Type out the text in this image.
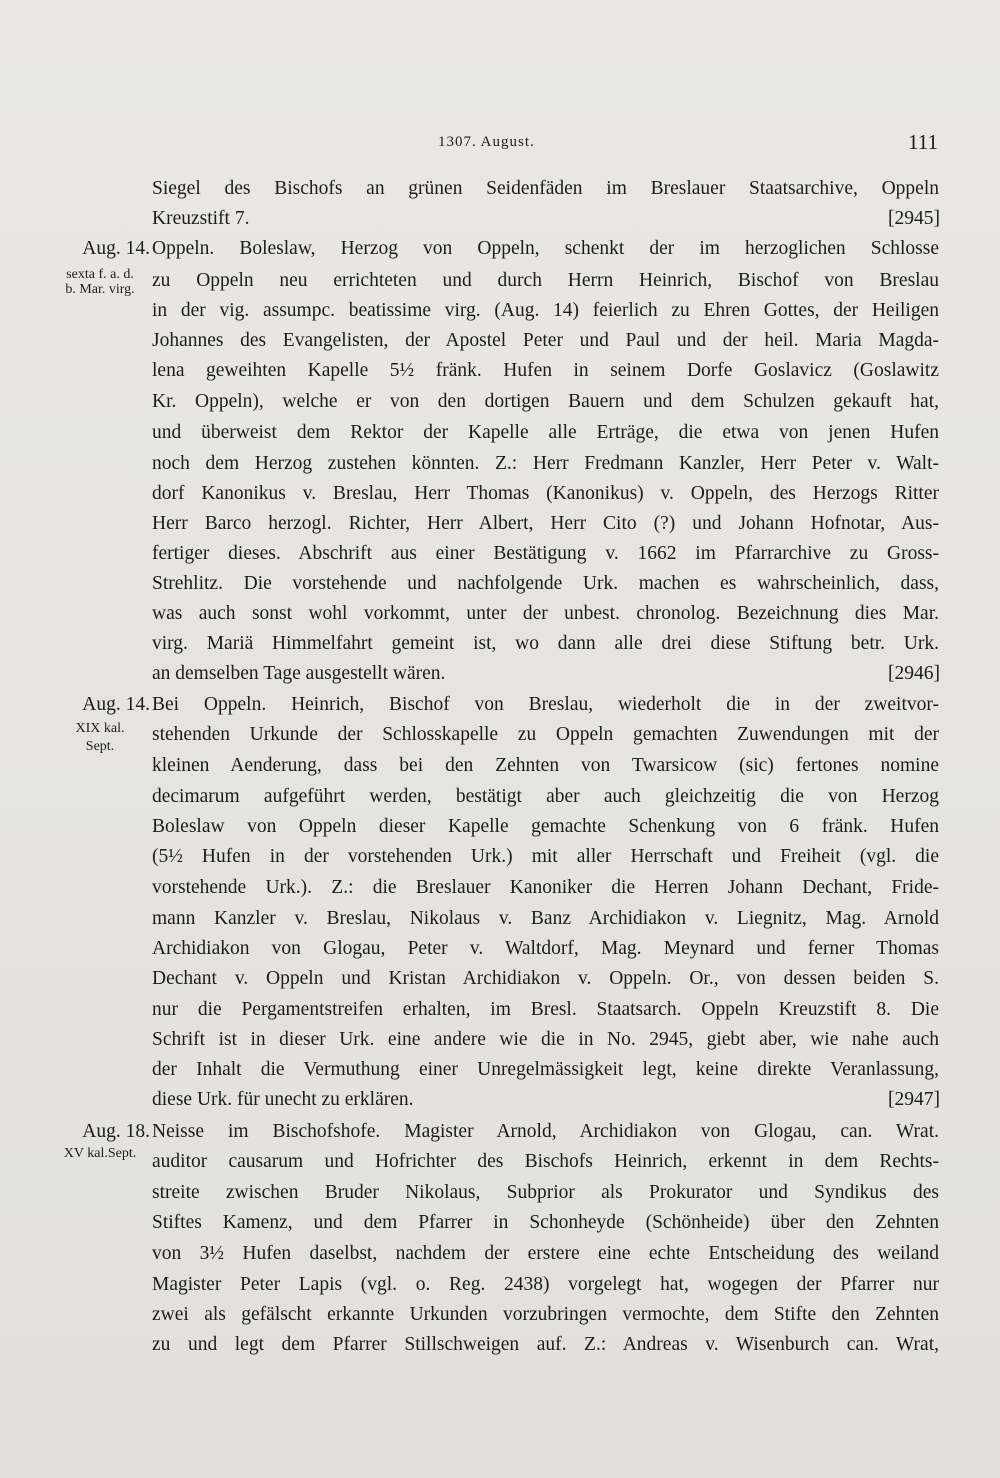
1307. August.	111
Siegel des Bischofs an grünen Seidenfäden im Breslauer Staatsarchive, Oppeln
Kreuzstift 7.	[2945]
Aug. 14.
sexta f. a. d.
b. Mar. virg.
Oppeln. Boleslaw, Herzog von Oppeln, schenkt der im herzoglichen Schlosse
zu Oppeln neu errichteten und durch Herrn Heinrich, Bischof von Breslau
in der vig. assumpc. beatissime virg. (Aug. 14) feierlich zu Ehren Gottes, der Heiligen
Johannes des Evangelisten, der Apostel Peter und Paul und der heil. Maria Magda-
lena geweihten Kapelle 5½ fränk. Hufen in seinem Dorfe Goslavicz (Goslawitz
Kr. Oppeln), welche er von den dortigen Bauern und dem Schulzen gekauft hat,
und überweist dem Rektor der Kapelle alle Erträge, die etwa von jenen Hufen
noch dem Herzog zustehen könnten. Z.: Herr Fredmann Kanzler, Herr Peter v. Walt-
dorf Kanonikus v. Breslau, Herr Thomas (Kanonikus) v. Oppeln, des Herzogs Ritter
Herr Barco herzogl. Richter, Herr Albert, Herr Cito (?) und Johann Hofnotar, Aus-
fertiger dieses. Abschrift aus einer Bestätigung v. 1662 im Pfarrarchive zu Gross-
Strehlitz. Die vorstehende und nachfolgende Urk. machen es wahrscheinlich, dass,
was auch sonst wohl vorkommt, unter der unbest. chronolog. Bezeichnung dies Mar.
virg. Mariä Himmelfahrt gemeint ist, wo dann alle drei diese Stiftung betr. Urk.
an demselben Tage ausgestellt wären.	[2946]
Aug. 14.
XIX kal.
Sept.
Bei Oppeln. Heinrich, Bischof von Breslau, wiederholt die in der zweitvor-
stehenden Urkunde der Schlosskapelle zu Oppeln gemachten Zuwendungen mit der
kleinen Aenderung, dass bei den Zehnten von Twarsicow (sic) fertones nomine
decimarum aufgeführt werden, bestätigt aber auch gleichzeitig die von Herzog
Boleslaw von Oppeln dieser Kapelle gemachte Schenkung von 6 fränk. Hufen
(5½ Hufen in der vorstehenden Urk.) mit aller Herrschaft und Freiheit (vgl. die
vorstehende Urk.). Z.: die Breslauer Kanoniker die Herren Johann Dechant, Fride-
mann Kanzler v. Breslau, Nikolaus v. Banz Archidiakon v. Liegnitz, Mag. Arnold
Archidiakon von Glogau, Peter v. Waltdorf, Mag. Meynard und ferner Thomas
Dechant v. Oppeln und Kristan Archidiakon v. Oppeln. Or., von dessen beiden S.
nur die Pergamentstreifen erhalten, im Bresl. Staatsarch. Oppeln Kreuzstift 8. Die
Schrift ist in dieser Urk. eine andere wie die in No. 2945, giebt aber, wie nahe auch
der Inhalt die Vermuthung einer Unregelmässigkeit legt, keine direkte Veranlassung,
diese Urk. für unecht zu erklären.	[2947]
Aug. 18.
XV kal.Sept.
Neisse im Bischofshofe. Magister Arnold, Archidiakon von Glogau, can. Wrat.
auditor causarum und Hofrichter des Bischofs Heinrich, erkennt in dem Rechts-
streite zwischen Bruder Nikolaus, Subprior als Prokurator und Syndikus des
Stiftes Kamenz, und dem Pfarrer in Schonheyde (Schönheide) über den Zehnten
von 3½ Hufen daselbst, nachdem der erstere eine echte Entscheidung des weiland
Magister Peter Lapis (vgl. o. Reg. 2438) vorgelegt hat, wogegen der Pfarrer nur
zwei als gefälscht erkannte Urkunden vorzubringen vermochte, dem Stifte den Zehnten
zu und legt dem Pfarrer Stillschweigen auf. Z.: Andreas v. Wisenburch can. Wrat,
